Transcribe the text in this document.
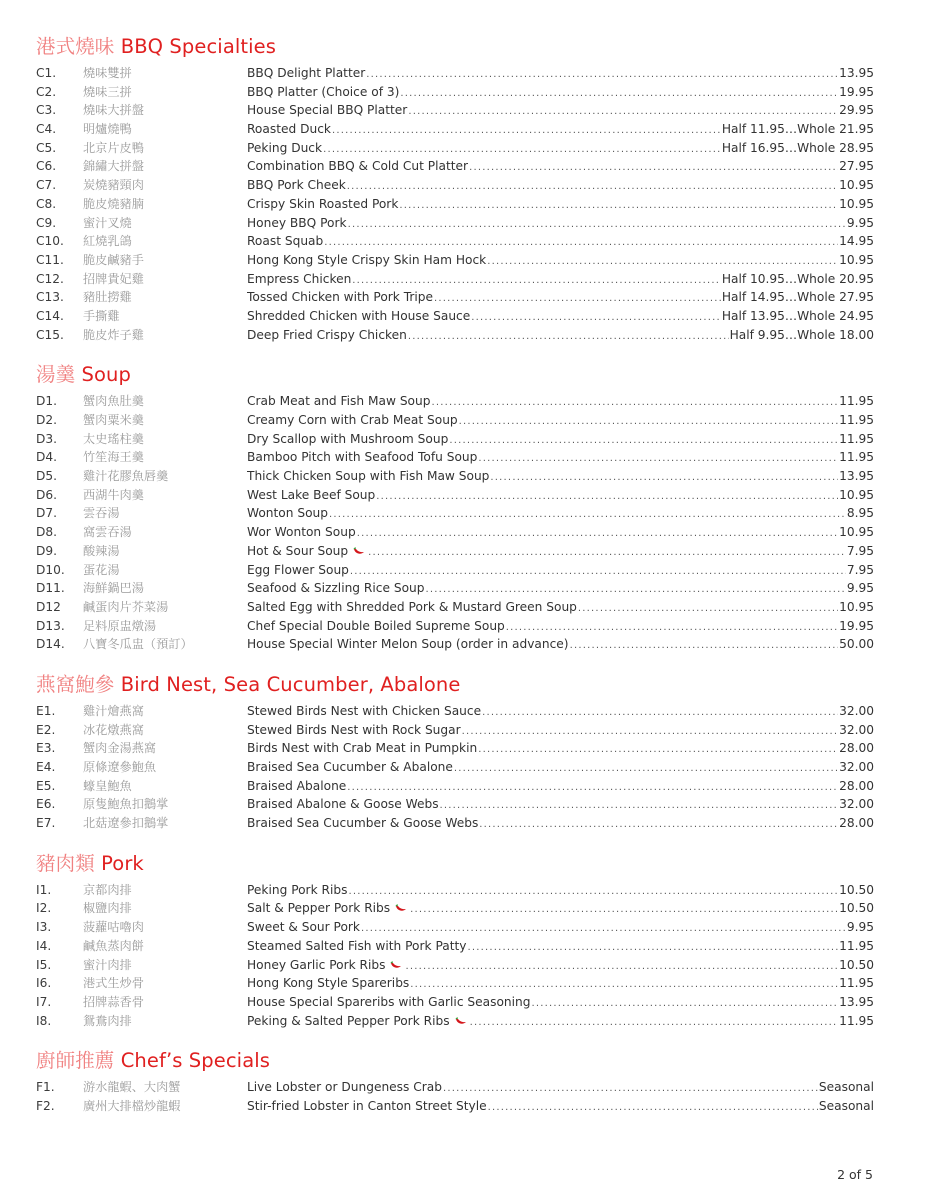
港式燒味 BBQ Specialties
C1.	燒味雙拼	BBQ Delight Platter .....	13.95
C2.	燒味三拼	BBQ Platter (Choice of 3) .....	19.95
C3.	燒味大拼盤	House Special BBQ Platter .....	29.95
C4.	明爐燒鴨	Roasted Duck .....	Half 11.95…Whole 21.95
C5.	北京片皮鴨	Peking Duck .....	Half 16.95…Whole 28.95
C6.	錦繡大拼盤	Combination BBQ & Cold Cut Platter .....	27.95
C7.	炭燒豬頸肉	BBQ Pork Cheek .....	10.95
C8.	脆皮燒豬腩	Crispy Skin Roasted Pork .....	10.95
C9.	蜜汁叉燒	Honey BBQ Pork .....	9.95
C10.	紅燒乳鴿	Roast Squab .....	14.95
C11.	脆皮鹹豬手	Hong Kong Style Crispy Skin Ham Hock .....	10.95
C12.	招牌貴妃雞	Empress Chicken .....	Half 10.95…Whole 20.95
C13.	豬肚撈雞	Tossed Chicken with Pork Tripe .....	Half 14.95…Whole 27.95
C14.	手撕雞	Shredded Chicken with House Sauce .....	Half 13.95…Whole 24.95
C15.	脆皮炸子雞	Deep Fried Crispy Chicken .....	Half 9.95…Whole 18.00
湯羹 Soup
D1.	蟹肉魚肚羹	Crab Meat and Fish Maw Soup .....	11.95
D2.	蟹肉粟米羹	Creamy Corn with Crab Meat Soup .....	11.95
D3.	太史瑤柱羹	Dry Scallop with Mushroom Soup .....	11.95
D4.	竹笙海王羹	Bamboo Pitch with Seafood Tofu Soup .....	11.95
D5.	雞汁花膠魚唇羹	Thick Chicken Soup with Fish Maw Soup .....	13.95
D6.	西湖牛肉羹	West Lake Beef Soup .....	10.95
D7.	雲吞湯	Wonton Soup .....	8.95
D8.	窩雲吞湯	Wor Wonton Soup .....	10.95
D9.	酸辣湯	Hot & Sour Soup .....	7.95
D10.	蛋花湯	Egg Flower Soup .....	7.95
D11.	海鮮鍋巴湯	Seafood & Sizzling Rice Soup .....	9.95
D12	鹹蛋肉片芥菜湯	Salted Egg with Shredded Pork & Mustard Green Soup .....	10.95
D13.	足料原盅燉湯	Chef Special Double Boiled Supreme Soup .....	19.95
D14.	八寶冬瓜盅（預訂）	House Special Winter Melon Soup (order in advance) .....	50.00
燕窩鮑參 Bird Nest, Sea Cucumber, Abalone
E1.	雞汁燴燕窩	Stewed Birds Nest with Chicken Sauce .....	32.00
E2.	冰花燉燕窩	Stewed Birds Nest with Rock Sugar .....	32.00
E3.	蟹肉金湯燕窩	Birds Nest with Crab Meat in Pumpkin .....	28.00
E4.	原條遼參鮑魚	Braised Sea Cucumber & Abalone .....	32.00
E5.	蠔皇鮑魚	Braised Abalone .....	28.00
E6.	原隻鮑魚扣鵝掌	Braised Abalone & Goose Webs .....	32.00
E7.	北菇遼參扣鵝掌	Braised Sea Cucumber & Goose Webs .....	28.00
豬肉類 Pork
I1.	京都肉排	Peking Pork Ribs .....	10.50
I2.	椒鹽肉排	Salt & Pepper Pork Ribs .....	10.50
I3.	菠蘿咕嚕肉	Sweet & Sour Pork .....	9.95
I4.	鹹魚蒸肉餅	Steamed Salted Fish with Pork Patty .....	11.95
I5.	蜜汁肉排	Honey Garlic Pork Ribs .....	10.50
I6.	港式生炒骨	Hong Kong Style Spareribs .....	11.95
I7.	招牌蒜香骨	House Special Spareribs with Garlic Seasoning .....	13.95
I8.	鴛鴦肉排	Peking & Salted Pepper Pork Ribs .....	11.95
廚師推薦 Chef’s Specials
F1.	游水龍蝦、大肉蟹	Live Lobster or Dungeness Crab .....	Seasonal
F2.	廣州大排檔炒龍蝦	Stir-fried Lobster in Canton Street Style .....	Seasonal
2 of 5
